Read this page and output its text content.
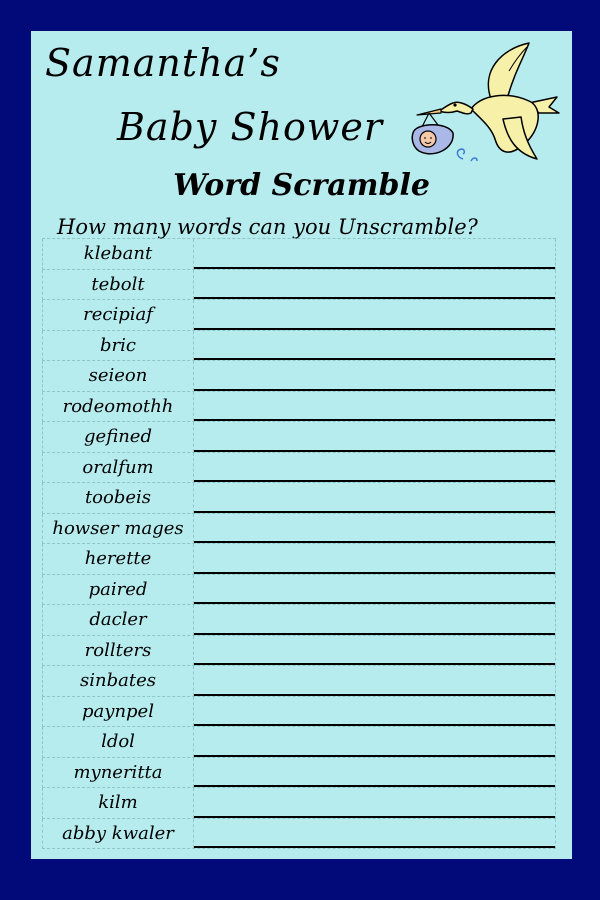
Samantha’s
Baby Shower
Word Scramble
How many words can you Unscramble?
klebant
tebolt
recipiaf
bric
seieon
rodeomothh
gefined
oralfum
toobeis
howser mages
herette
paired
dacler
rollters
sinbates
paynpel
ldol
myneritta
kilm
abby kwaler
